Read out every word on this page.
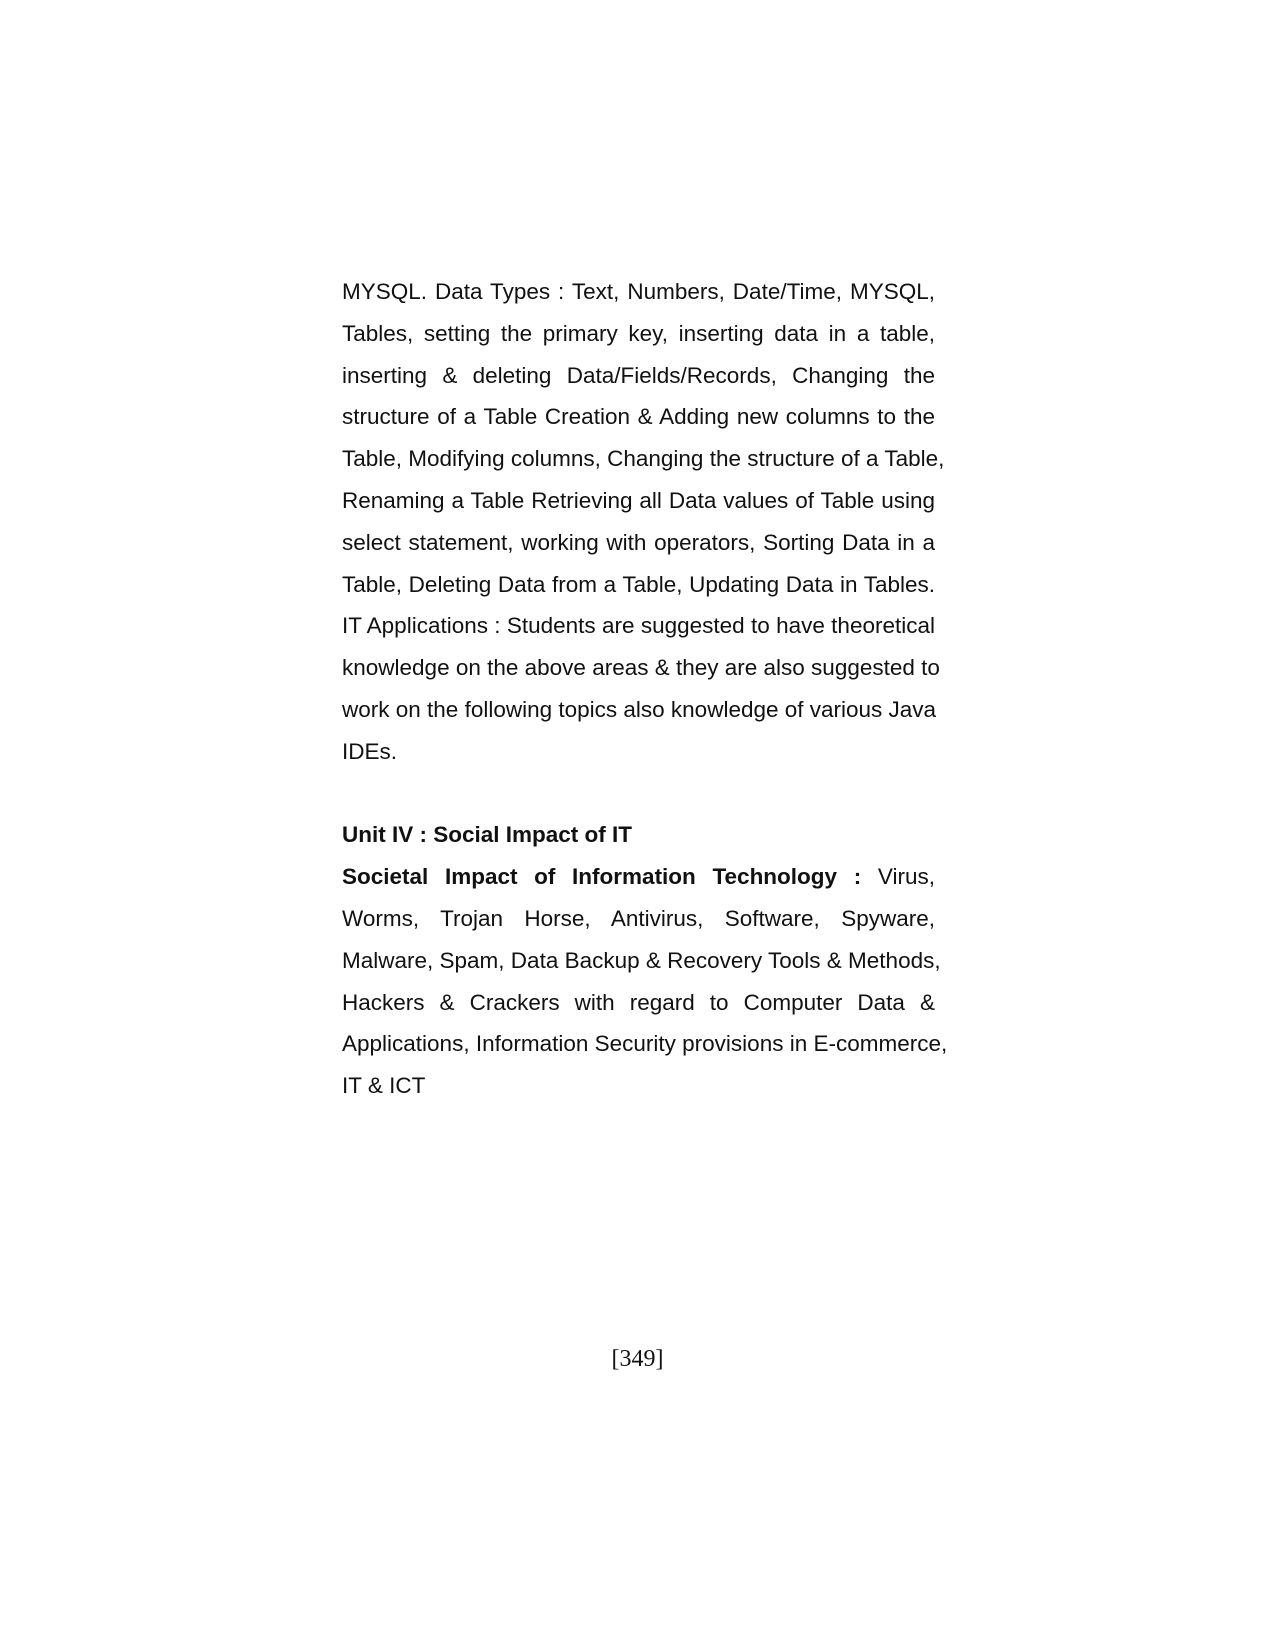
MYSQL. Data Types : Text, Numbers, Date/Time, MYSQL,
Tables, setting the primary key, inserting data in a table,
inserting & deleting Data/Fields/Records, Changing the
structure of a Table Creation & Adding new columns to the
Table, Modifying columns, Changing the structure of a Table,
Renaming a Table Retrieving all Data values of Table using
select statement, working with operators, Sorting Data in a
Table, Deleting Data from a Table, Updating Data in Tables.
IT Applications : Students are suggested to have theoretical
knowledge on the above areas & they are also suggested to
work on the following topics also knowledge of various Java
IDEs.
Unit IV : Social Impact of IT
Societal Impact of Information Technology : Virus,
Worms, Trojan Horse, Antivirus, Software, Spyware,
Malware, Spam, Data Backup & Recovery Tools & Methods,
Hackers & Crackers with regard to Computer Data &
Applications, Information Security provisions in E-commerce,
IT & ICT
[349]
